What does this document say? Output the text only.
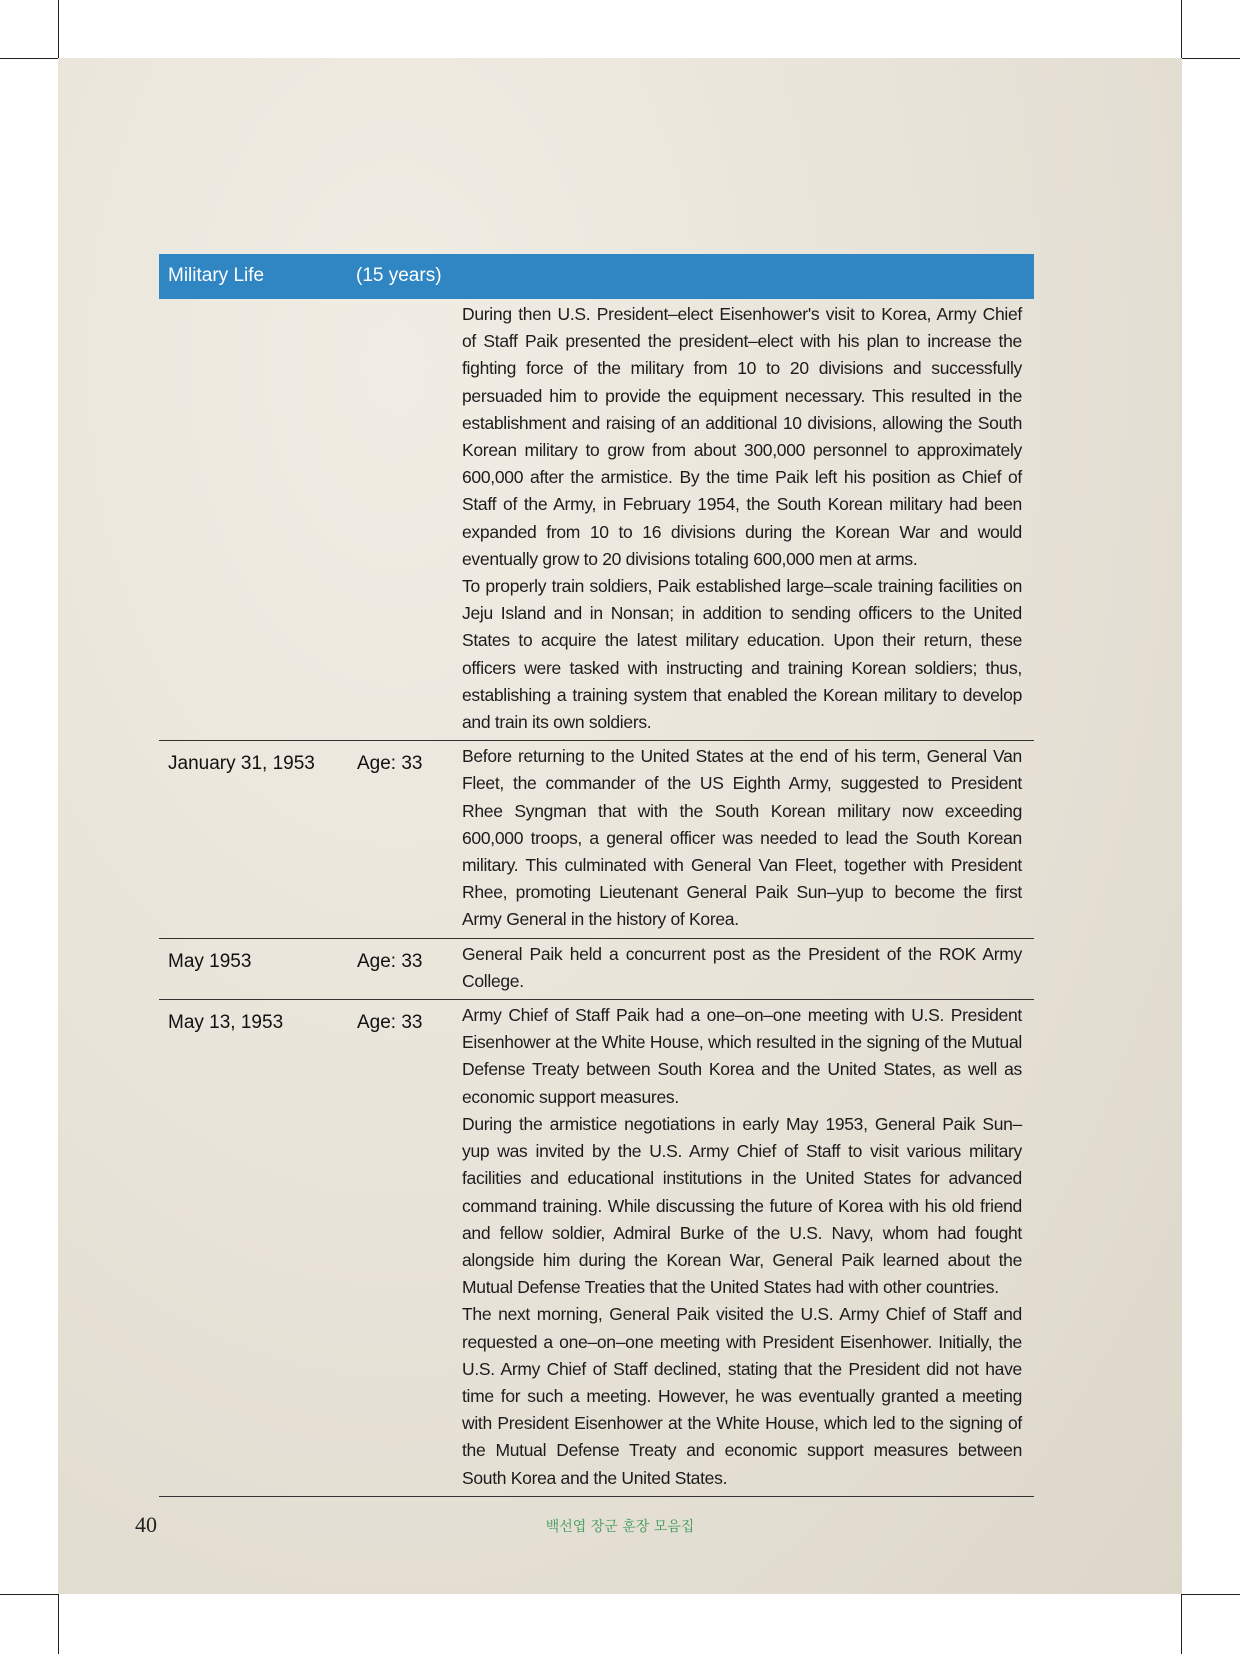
Military Life	(15 years)

During then U.S. President–elect Eisenhower's visit to Korea, Army Chief of Staff Paik presented the president–elect with his plan to increase the fighting force of the military from 10 to 20 divisions and successfully persuaded him to provide the equipment necessary. This resulted in the establishment and raising of an additional 10 divisions, allowing the South Korean military to grow from about 300,000 personnel to approximately 600,000 after the armistice. By the time Paik left his position as Chief of Staff of the Army, in February 1954, the South Korean military had been expanded from 10 to 16 divisions during the Korean War and would eventually grow to 20 divisions totaling 600,000 men at arms.

To properly train soldiers, Paik established large–scale training facilities on Jeju Island and in Nonsan; in addition to sending officers to the United States to acquire the latest military education. Upon their return, these officers were tasked with instructing and training Korean soldiers; thus, establishing a training system that enabled the Korean military to develop and train its own soldiers.

January 31, 1953	Age: 33	Before returning to the United States at the end of his term, General Van Fleet, the commander of the US Eighth Army, suggested to President Rhee Syngman that with the South Korean military now exceeding 600,000 troops, a general officer was needed to lead the South Korean military. This culminated with General Van Fleet, together with President Rhee, promoting Lieutenant General Paik Sun–yup to become the first Army General in the history of Korea.

May 1953	Age: 33	General Paik held a concurrent post as the President of the ROK Army College.

May 13, 1953	Age: 33	Army Chief of Staff Paik had a one–on–one meeting with U.S. President Eisenhower at the White House, which resulted in the signing of the Mutual Defense Treaty between South Korea and the United States, as well as economic support measures.

During the armistice negotiations in early May 1953, General Paik Sun–yup was invited by the U.S. Army Chief of Staff to visit various military facilities and educational institutions in the United States for advanced command training. While discussing the future of Korea with his old friend and fellow soldier, Admiral Burke of the U.S. Navy, whom had fought alongside him during the Korean War, General Paik learned about the Mutual Defense Treaties that the United States had with other countries.

The next morning, General Paik visited the U.S. Army Chief of Staff and requested a one–on–one meeting with President Eisenhower. Initially, the U.S. Army Chief of Staff declined, stating that the President did not have time for such a meeting. However, he was eventually granted a meeting with President Eisenhower at the White House, which led to the signing of the Mutual Defense Treaty and economic support measures between South Korea and the United States.

40	백선엽 장군 훈장 모음집
